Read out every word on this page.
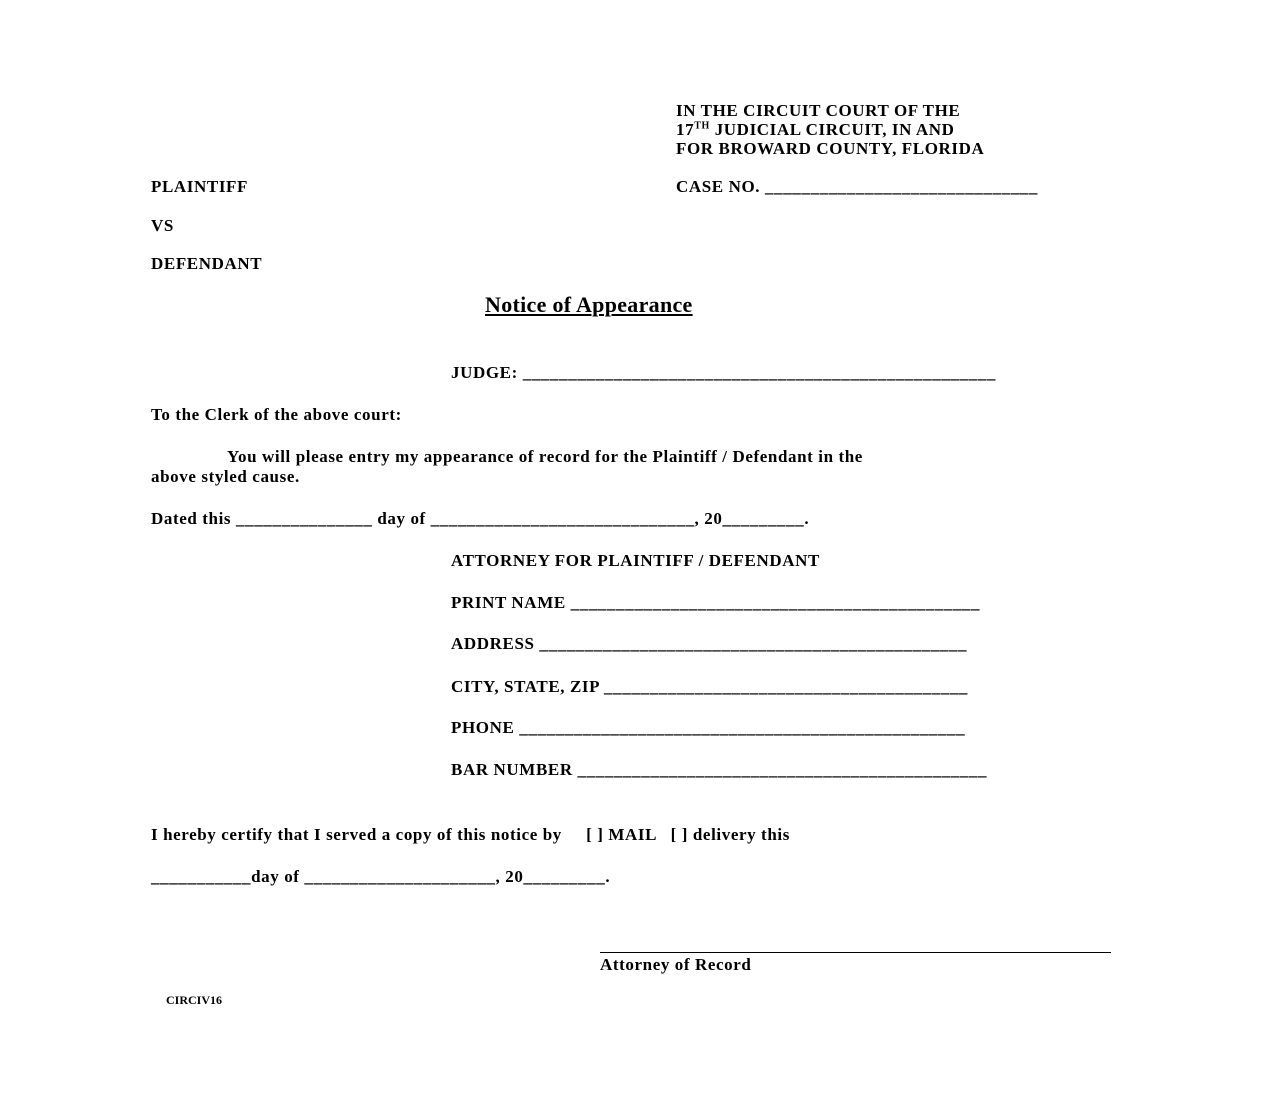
IN THE CIRCUIT COURT OF THE
17TH JUDICIAL CIRCUIT, IN AND
FOR BROWARD COUNTY, FLORIDA
PLAINTIFF	CASE NO. ______________________________
VS
DEFENDANT
Notice of Appearance
JUDGE: ____________________________________________________
To the Clerk of the above court:
You will please entry my appearance of record for the Plaintiff / Defendant in the
above styled cause.
Dated this _______________ day of _____________________________, 20_________.
ATTORNEY FOR PLAINTIFF / DEFENDANT
PRINT NAME _____________________________________________
ADDRESS _______________________________________________
CITY, STATE, ZIP ________________________________________
PHONE _________________________________________________
BAR NUMBER _____________________________________________
I hereby certify that I served a copy of this notice by     [ ] MAIL   [ ] delivery this
___________day of _____________________, 20_________.
Attorney of Record
CIRCIV16
